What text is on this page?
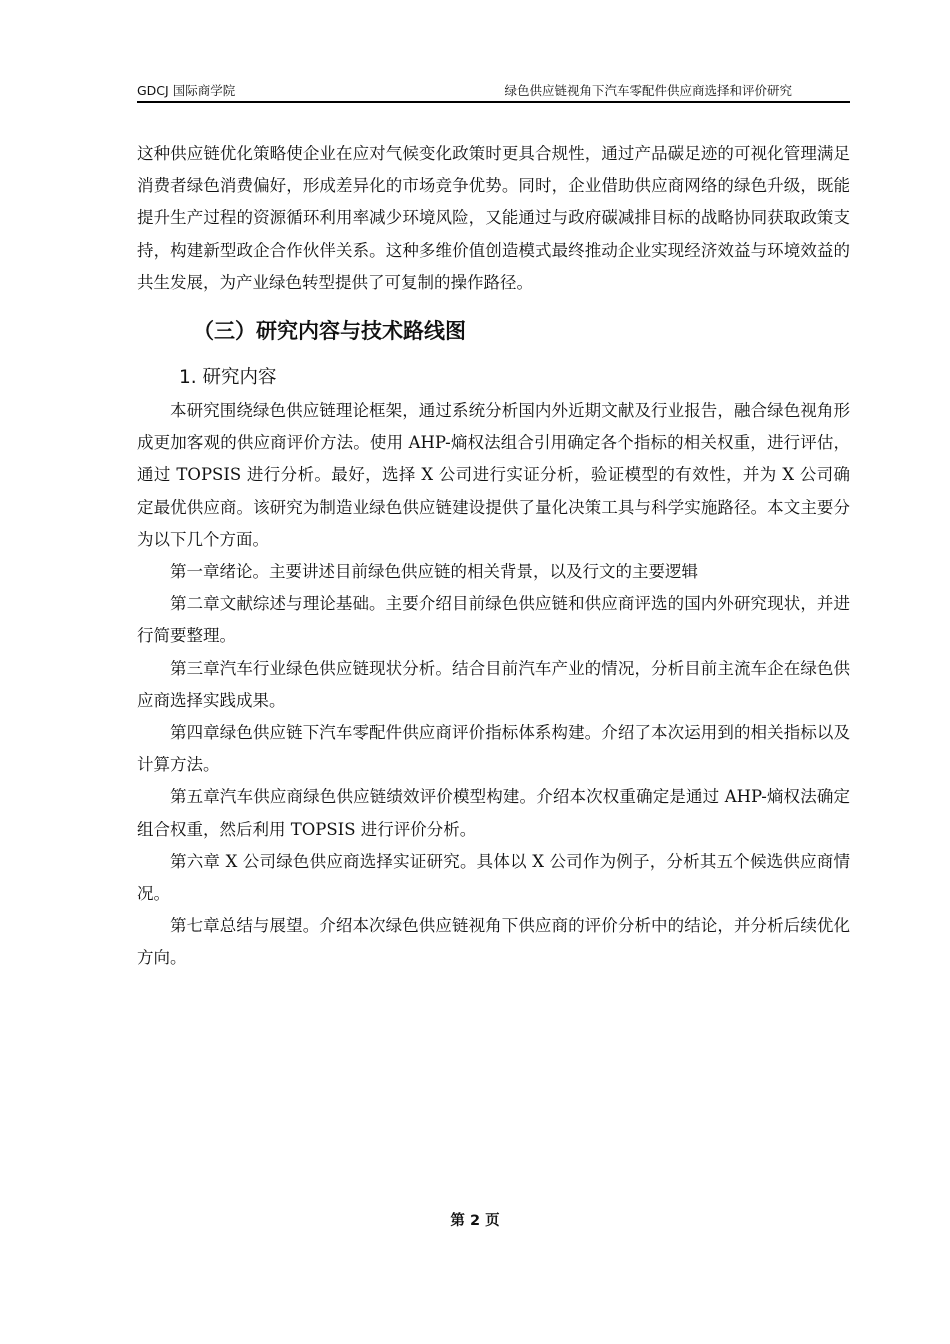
GDCJ 国际商学院	绿色供应链视角下汽车零配件供应商选择和评价研究

这种供应链优化策略使企业在应对气候变化政策时更具合规性，通过产品碳足迹的可视化管理满足消费者绿色消费偏好，形成差异化的市场竞争优势。同时，企业借助供应商网络的绿色升级，既能提升生产过程的资源循环利用率减少环境风险，又能通过与政府碳减排目标的战略协同获取政策支持，构建新型政企合作伙伴关系。这种多维价值创造模式最终推动企业实现经济效益与环境效益的共生发展，为产业绿色转型提供了可复制的操作路径。

（三）研究内容与技术路线图
1. 研究内容

本研究围绕绿色供应链理论框架，通过系统分析国内外近期文献及行业报告，融合绿色视角形成更加客观的供应商评价方法。使用 AHP-熵权法组合引用确定各个指标的相关权重，进行评估，通过 TOPSIS 进行分析。最好，选择 X 公司进行实证分析，验证模型的有效性，并为 X 公司确定最优供应商。该研究为制造业绿色供应链建设提供了量化决策工具与科学实施路径。本文主要分为以下几个方面。

第一章绪论。主要讲述目前绿色供应链的相关背景，以及行文的主要逻辑

第二章文献综述与理论基础。主要介绍目前绿色供应链和供应商评选的国内外研究现状，并进行简要整理。

第三章汽车行业绿色供应链现状分析。结合目前汽车产业的情况，分析目前主流车企在绿色供应商选择实践成果。

第四章绿色供应链下汽车零配件供应商评价指标体系构建。介绍了本次运用到的相关指标以及计算方法。

第五章汽车供应商绿色供应链绩效评价模型构建。介绍本次权重确定是通过 AHP-熵权法确定组合权重，然后利用 TOPSIS 进行评价分析。

第六章 X 公司绿色供应商选择实证研究。具体以 X 公司作为例子，分析其五个候选供应商情况。

第七章总结与展望。介绍本次绿色供应链视角下供应商的评价分析中的结论，并分析后续优化方向。

第 2 页
